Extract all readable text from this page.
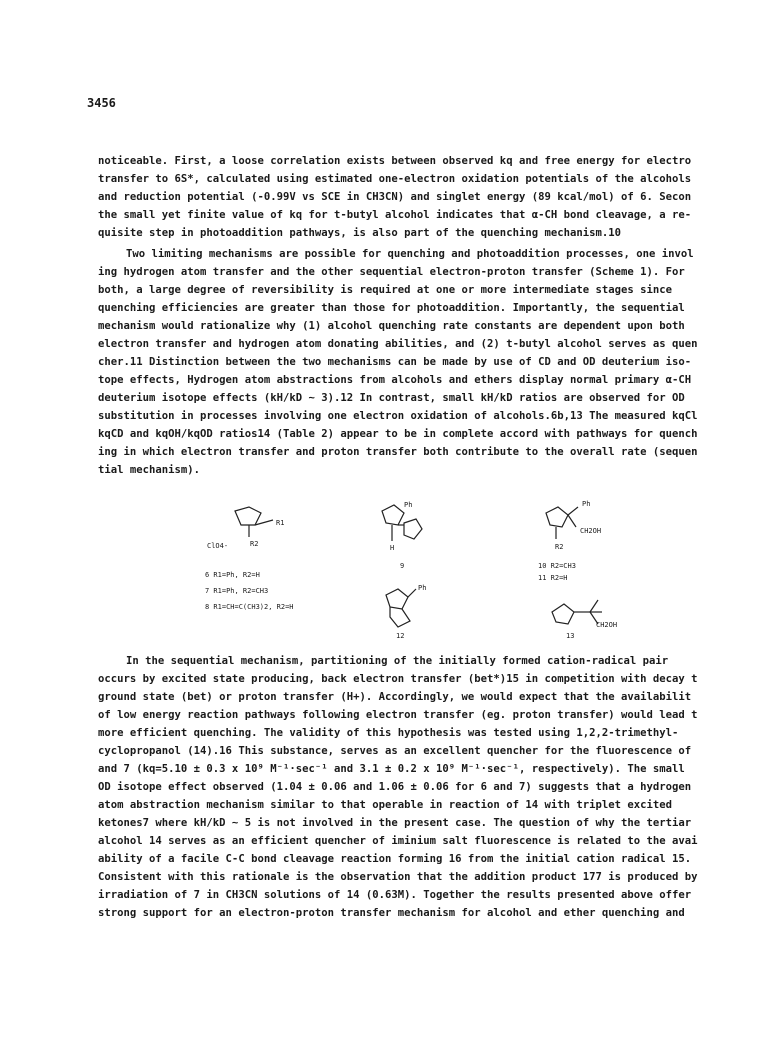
3456
noticeable. First, a loose correlation exists between observed kq and free energy for electro
transfer to 6S*, calculated using estimated one-electron oxidation potentials of the alcohols
and reduction potential (-0.99V vs SCE in CH3CN) and singlet energy (89 kcal/mol) of 6. Secon
the small yet finite value of kq for t-butyl alcohol indicates that α-CH bond cleavage, a re-
quisite step in photoaddition pathways, is also part of the quenching mechanism.10
Two limiting mechanisms are possible for quenching and photoaddition processes, one invol
ing hydrogen atom transfer and the other sequential electron-proton transfer (Scheme 1). For
both, a large degree of reversibility is required at one or more intermediate stages since
quenching efficiencies are greater than those for photoaddition. Importantly, the sequential
mechanism would rationalize why (1) alcohol quenching rate constants are dependent upon both
electron transfer and hydrogen atom donating abilities, and (2) t-butyl alcohol serves as quen
cher.11 Distinction between the two mechanisms can be made by use of CD and OD deuterium iso-
tope effects, Hydrogen atom abstractions from alcohols and ethers display normal primary α-CH
deuterium isotope effects (kH/kD ~ 3).12 In contrast, small kH/kD ratios are observed for OD
substitution in processes involving one electron oxidation of alcohols.6b,13 The measured kqCl
kqCD and kqOH/kqOD ratios14 (Table 2) appear to be in complete accord with pathways for quench
ing in which electron transfer and proton transfer both contribute to the overall rate (sequen
tial mechanism).
R1
R2
ClO4-
Ph
H
9
Ph
CH2OH
R2
10 R2=CH3
11 R2=H
6 R1=Ph, R2=H
7 R1=Ph, R2=CH3
8 R1=CH=C(CH3)2, R2=H
Ph
12
CH2OH
13
In the sequential mechanism, partitioning of the initially formed cation-radical pair
occurs by excited state producing, back electron transfer (bet*)15 in competition with decay t
ground state (bet) or proton transfer (H+). Accordingly, we would expect that the availabilit
of low energy reaction pathways following electron transfer (eg. proton transfer) would lead t
more efficient quenching. The validity of this hypothesis was tested using 1,2,2-trimethyl-
cyclopropanol (14).16 This substance, serves as an excellent quencher for the fluorescence of
and 7 (kq=5.10 ± 0.3 x 10⁹ M⁻¹·sec⁻¹ and 3.1 ± 0.2 x 10⁹ M⁻¹·sec⁻¹, respectively). The small
OD isotope effect observed (1.04 ± 0.06 and 1.06 ± 0.06 for 6 and 7) suggests that a hydrogen
atom abstraction mechanism similar to that operable in reaction of 14 with triplet excited
ketones7 where kH/kD ~ 5 is not involved in the present case. The question of why the tertiar
alcohol 14 serves as an efficient quencher of iminium salt fluorescence is related to the avai
ability of a facile C-C bond cleavage reaction forming 16 from the initial cation radical 15.
Consistent with this rationale is the observation that the addition product 177 is produced by
irradiation of 7 in CH3CN solutions of 14 (0.63M). Together the results presented above offer
strong support for an electron-proton transfer mechanism for alcohol and ether quenching and
